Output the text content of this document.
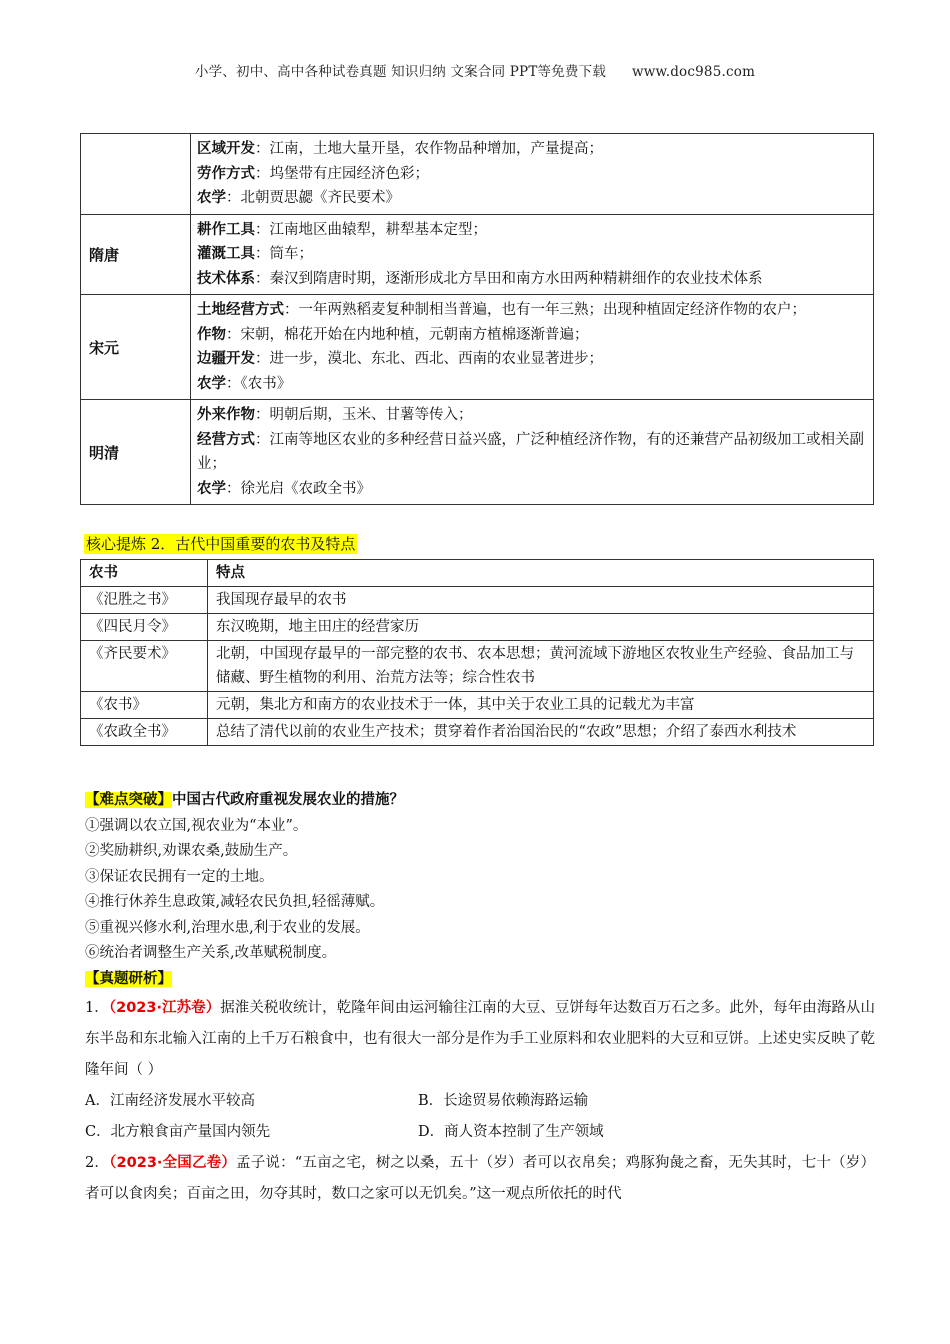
小学、初中、高中各种试卷真题 知识归纳 文案合同 PPT等免费下载 www.doc985.com

	区域开发：江南，土地大量开垦，农作物品种增加，产量提高；
劳作方式：坞堡带有庄园经济色彩；
农学：北朝贾思勰《齐民要术》

隋唐	耕作工具：江南地区曲辕犁，耕犁基本定型；
灌溉工具：筒车；
技术体系：秦汉到隋唐时期，逐渐形成北方旱田和南方水田两种精耕细作的农业技术体系

宋元	土地经营方式：一年两熟稻麦复种制相当普遍，也有一年三熟；出现种植固定经济作物的农户；
作物：宋朝，棉花开始在内地种植，元朝南方植棉逐渐普遍；
边疆开发：进一步，漠北、东北、西北、西南的农业显著进步；
农学：《农书》

明清	外来作物：明朝后期，玉米、甘薯等传入；
经营方式：江南等地区农业的多种经营日益兴盛，广泛种植经济作物，有的还兼营产品初级加工或相关副业；
农学：徐光启《农政全书》
核心提炼 2．古代中国重要的农书及特点
农书	特点
《氾胜之书》	我国现存最早的农书
《四民月令》	东汉晚期，地主田庄的经营家历
《齐民要术》	北朝，中国现存最早的一部完整的农书、农本思想；黄河流域下游地区农牧业生产经验、食品加工与储藏、野生植物的利用、治荒方法等；综合性农书
《农书》	元朝，集北方和南方的农业技术于一体，其中关于农业工具的记载尤为丰富
《农政全书》	总结了清代以前的农业生产技术；贯穿着作者治国治民的“农政”思想；介绍了泰西水利技术
【难点突破】中国古代政府重视发展农业的措施？
①强调以农立国,视农业为“本业”。
②奖励耕织,劝课农桑,鼓励生产。
③保证农民拥有一定的土地。
④推行休养生息政策,减轻农民负担,轻徭薄赋。
⑤重视兴修水利,治理水患,利于农业的发展。
⑥统治者调整生产关系,改革赋税制度。
【真题研析】
1．（2023·江苏卷）据淮关税收统计，乾隆年间由运河输往江南的大豆、豆饼每年达数百万石之多。此外，每年由海路从山东半岛和东北输入江南的上千万石粮食中，也有很大一部分是作为手工业原料和农业肥料的大豆和豆饼。上述史实反映了乾隆年间（ ）
A．江南经济发展水平较高	B．长途贸易依赖海路运输
C．北方粮食亩产量国内领先	D．商人资本控制了生产领域
2．（2023·全国乙卷）孟子说：“五亩之宅，树之以桑，五十（岁）者可以衣帛矣；鸡豚狗彘之畜，无失其时，七十（岁）者可以食肉矣；百亩之田，勿夺其时，数口之家可以无饥矣。”这一观点所依托的时代
